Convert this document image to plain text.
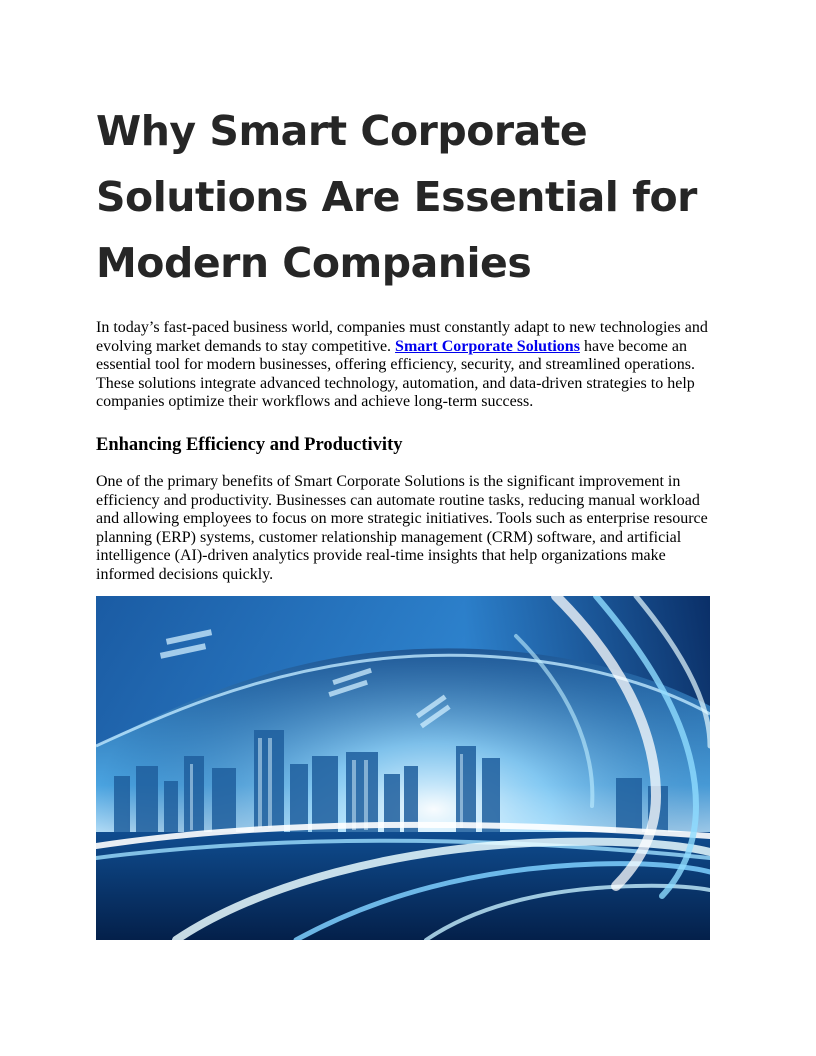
Why Smart Corporate Solutions Are Essential for Modern Companies

In today’s fast-paced business world, companies must constantly adapt to new technologies and evolving market demands to stay competitive. Smart Corporate Solutions have become an essential tool for modern businesses, offering efficiency, security, and streamlined operations. These solutions integrate advanced technology, automation, and data-driven strategies to help companies optimize their workflows and achieve long-term success.

Enhancing Efficiency and Productivity

One of the primary benefits of Smart Corporate Solutions is the significant improvement in efficiency and productivity. Businesses can automate routine tasks, reducing manual workload and allowing employees to focus on more strategic initiatives. Tools such as enterprise resource planning (ERP) systems, customer relationship management (CRM) software, and artificial intelligence (AI)-driven analytics provide real-time insights that help organizations make informed decisions quickly.
